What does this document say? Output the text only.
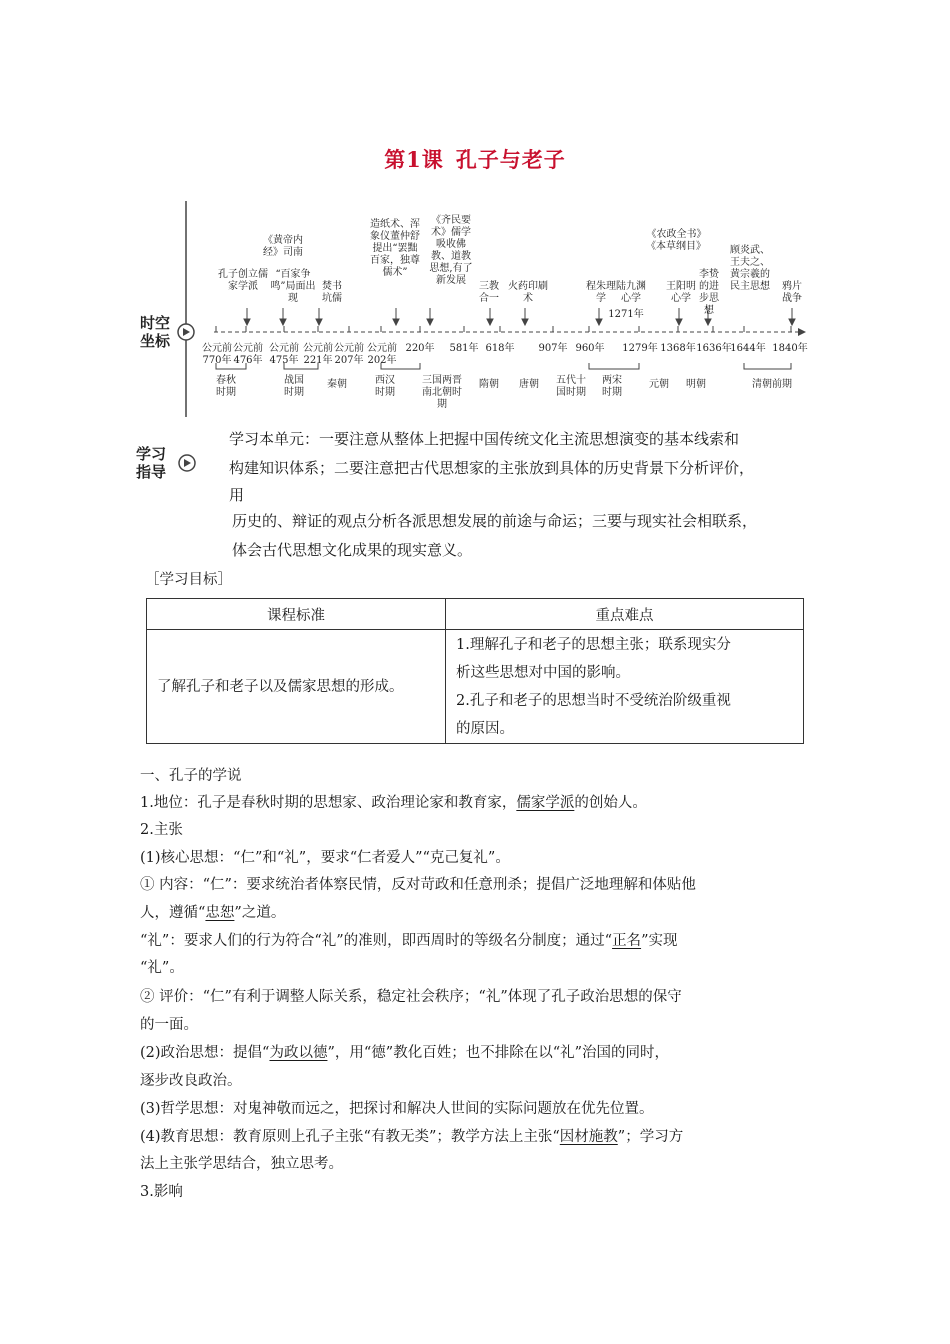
第1课 孔子与老子
时空
坐标
孔子创立儒家学派
《黄帝内经》司南
“百家争鸣”局面出现
焚书坑儒
造纸术、浑象仪董仲舒提出“罢黜百家，独尊儒术”
《齐民要术》儒学吸收佛教、道教思想,有了新发展
三教合一
火药印刷术
程朱理学
陆九渊心学
1271年
《农政全书》《本草纲目》
王阳明心学
李贽的进步思想
顾炎武、王夫之、黄宗羲的民主思想	鸦片战争
公元前770年
公元前476年
公元前475年
公元前221年
公元前207年
公元前202年
220年	581年 618年	907年 960年	1279年 1368年 1636年
1644年 1840年
春秋时期
战国时期
秦朝	西汉时期
三国两晋南北朝时期
隋朝	唐朝	五代十国时期
两宋时期
元朝	明朝	清朝前期
学习
指导
学习本单元：一要注意从整体上把握中国传统文化主流思想演变的基本线索和
构建知识体系；二要注意把古代思想家的主张放到具体的历史背景下分析评价，
用
历史的、辩证的观点分析各派思想发展的前途与命运；三要与现实社会相联系，
体会古代思想文化成果的现实意义。
［学习目标］
课程标准	重点难点
了解孔子和老子以及儒家思想的形成。	1.理解孔子和老子的思想主张；联系现实分
析这些思想对中国的影响。
2.孔子和老子的思想当时不受统治阶级重视
的原因。
一、孔子的学说
1.地位：孔子是春秋时期的思想家、政治理论家和教育家，儒家学派的创始人。
2.主张
(1)核心思想：“仁”和“礼”，要求“仁者爱人”“克己复礼”。
① 内容：“仁”：要求统治者体察民情，反对苛政和任意刑杀；提倡广泛地理解和体贴他
人，遵循“忠恕”之道。
“礼”：要求人们的行为符合“礼”的准则，即西周时的等级名分制度；通过“正名”实现
“礼”。
② 评价：“仁”有利于调整人际关系，稳定社会秩序；“礼”体现了孔子政治思想的保守
的一面。
(2)政治思想：提倡“为政以德”，用“德”教化百姓；也不排除在以“礼”治国的同时，
逐步改良政治。
(3)哲学思想：对鬼神敬而远之，把探讨和解决人世间的实际问题放在优先位置。
(4)教育思想：教育原则上孔子主张“有教无类”；教学方法上主张“因材施教”；学习方
法上主张学思结合，独立思考。
3.影响
